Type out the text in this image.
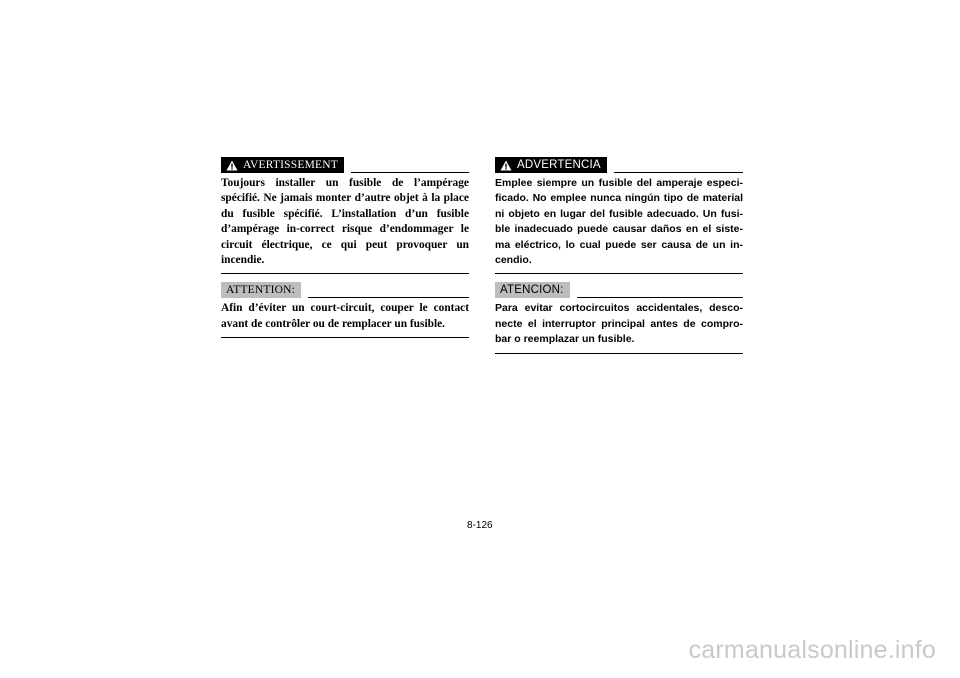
AVERTISSEMENT

Toujours installer un fusible de l’ampérage spécifié. Ne jamais monter d’autre objet à la place du fusible spécifié. L’installation d’un fusible d’ampérage in-correct risque d’endommager le circuit électrique, ce qui peut provoquer un incendie.

ATTENTION:

Afin d’éviter un court-circuit, couper le contact avant de contrôler ou de remplacer un fusible.

ADVERTENCIA

Emplee siempre un fusible del amperaje especi-ficado. No emplee nunca ningún tipo de material ni objeto en lugar del fusible adecuado. Un fusi-ble inadecuado puede causar daños en el siste-ma eléctrico, lo cual puede ser causa de un in-cendio.

ATENCION:

Para evitar cortocircuitos accidentales, desco-necte el interruptor principal antes de compro-bar o reemplazar un fusible.

8-126
carmanualsonline.info
